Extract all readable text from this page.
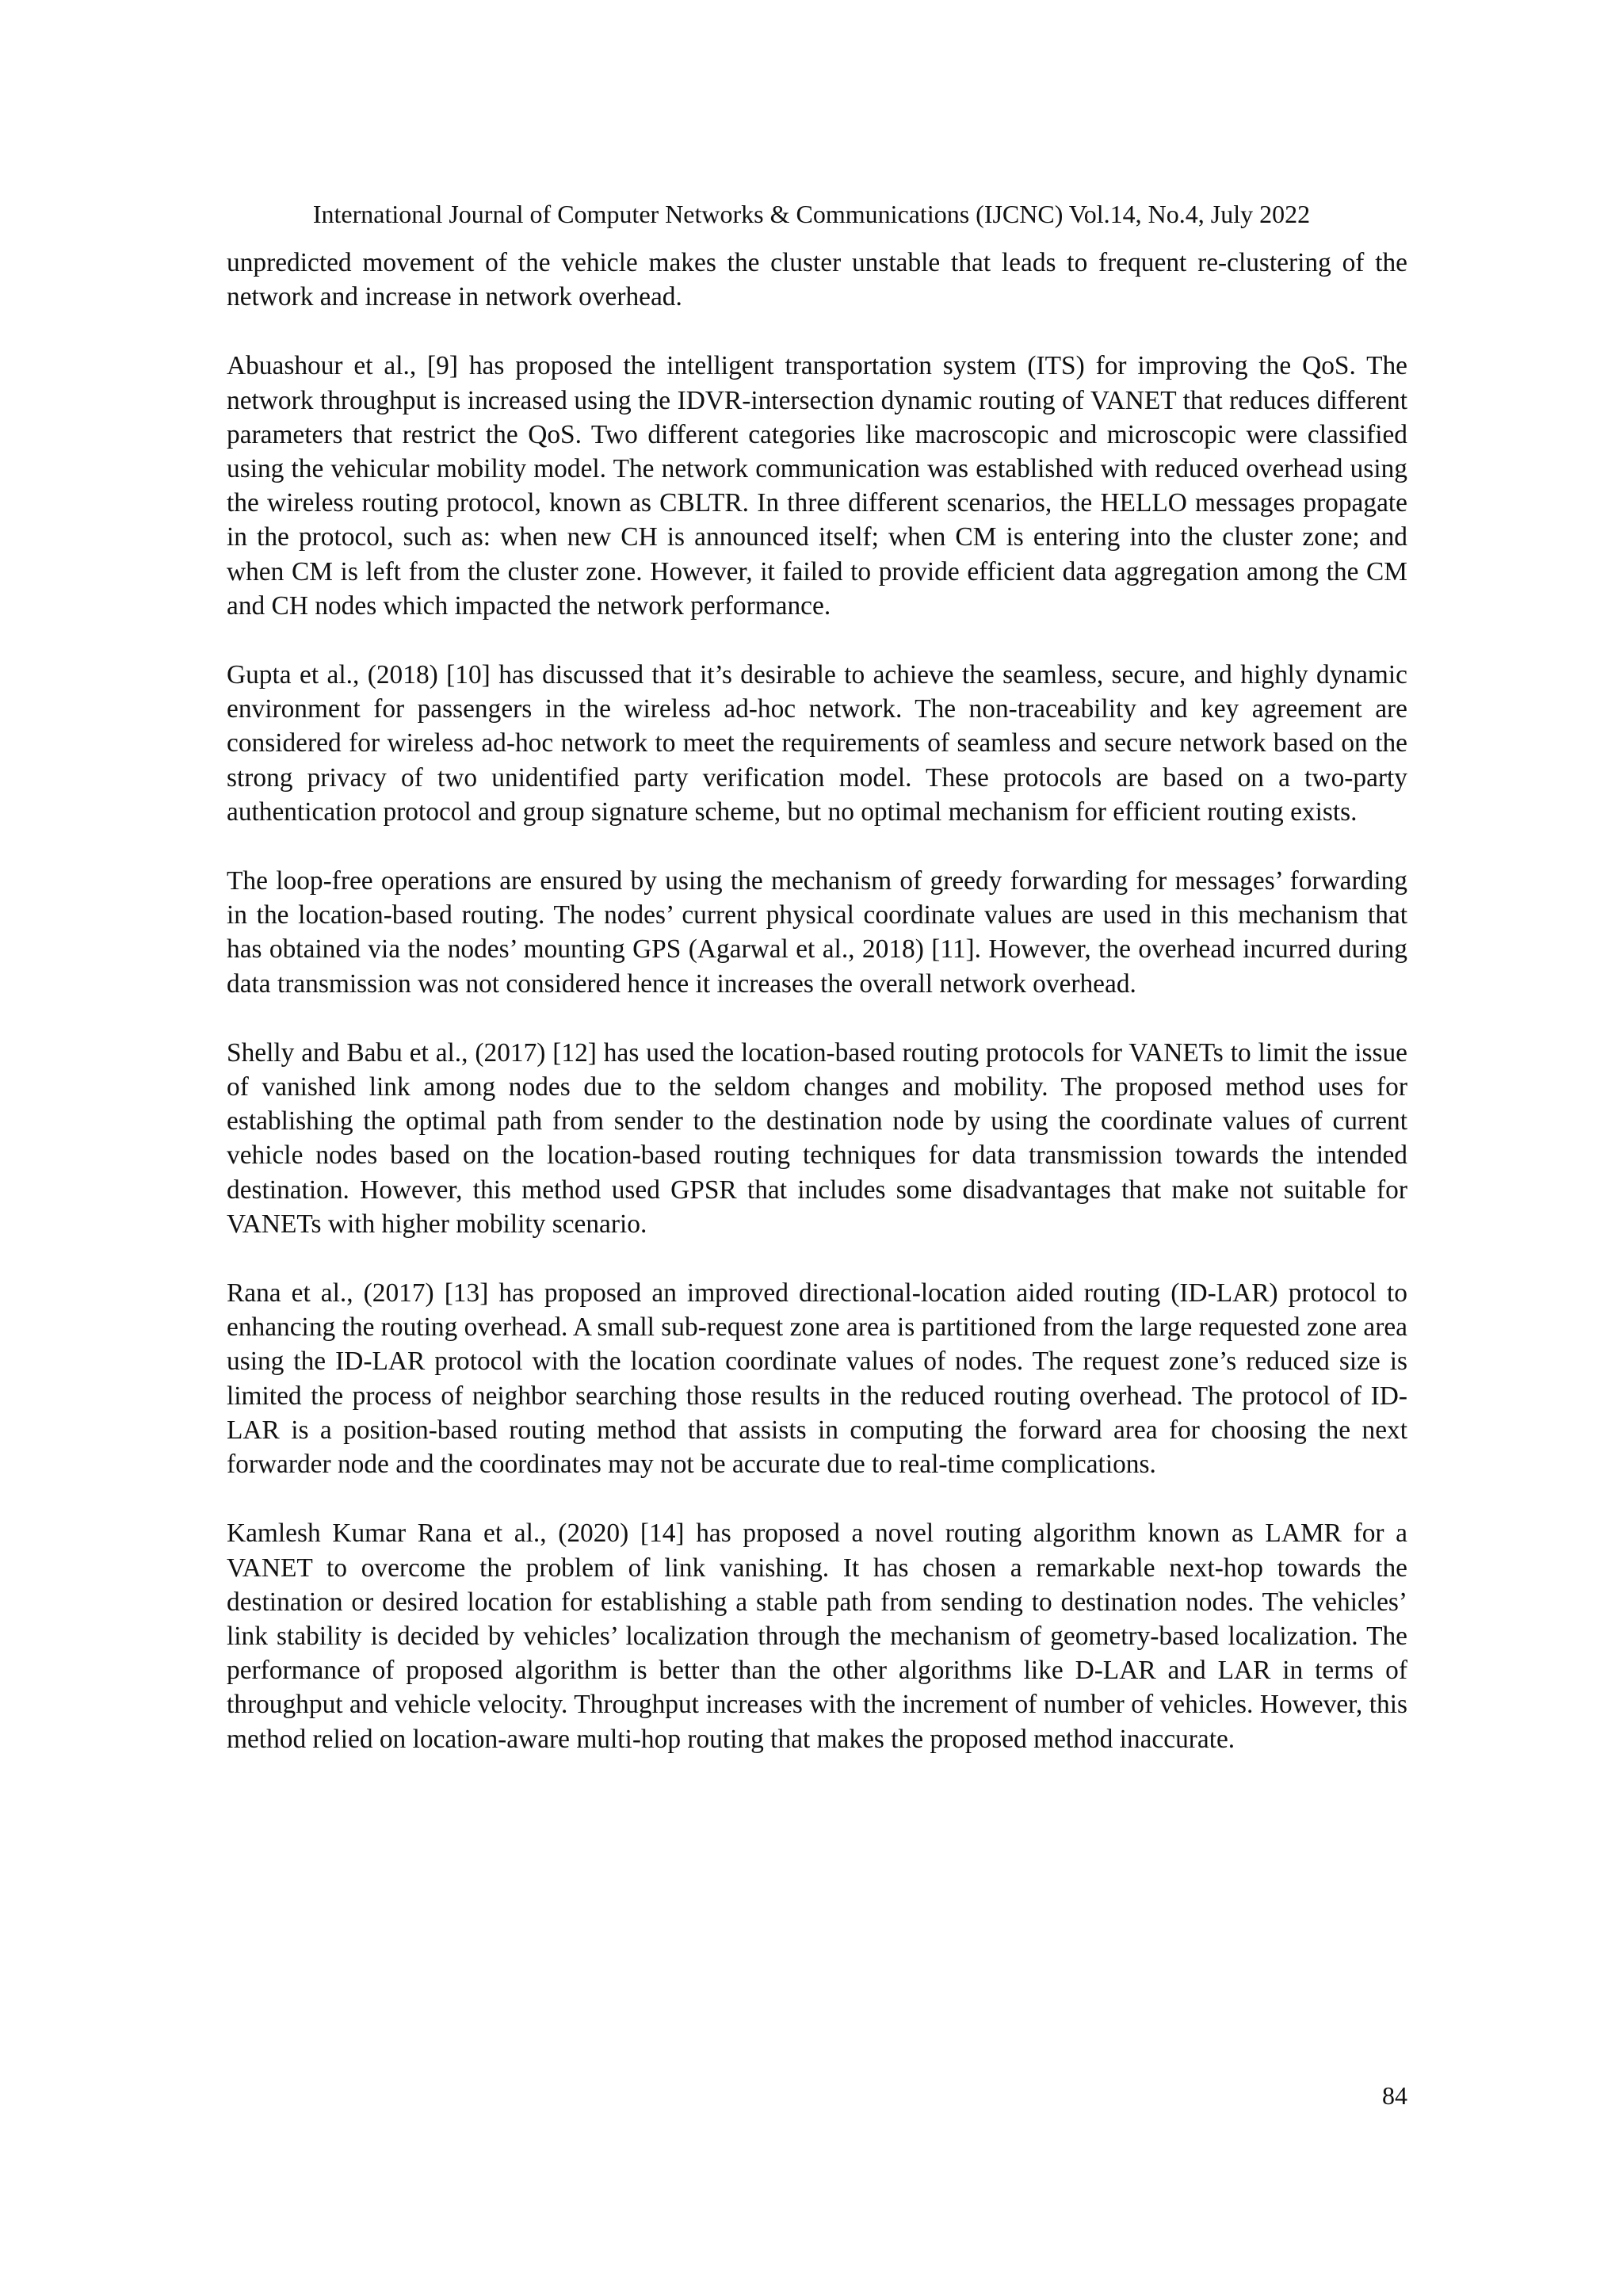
International Journal of Computer Networks & Communications (IJCNC) Vol.14, No.4, July 2022

unpredicted movement of the vehicle makes the cluster unstable that leads to frequent re-clustering of the network and increase in network overhead.

Abuashour et al., [9] has proposed the intelligent transportation system (ITS) for improving the QoS. The network throughput is increased using the IDVR-intersection dynamic routing of VANET that reduces different parameters that restrict the QoS. Two different categories like macroscopic and microscopic were classified using the vehicular mobility model. The network communication was established with reduced overhead using the wireless routing protocol, known as CBLTR. In three different scenarios, the HELLO messages propagate in the protocol, such as: when new CH is announced itself; when CM is entering into the cluster zone; and when CM is left from the cluster zone. However, it failed to provide efficient data aggregation among the CM and CH nodes which impacted the network performance.

Gupta et al., (2018) [10] has discussed that it’s desirable to achieve the seamless, secure, and highly dynamic environment for passengers in the wireless ad-hoc network. The non-traceability and key agreement are considered for wireless ad-hoc network to meet the requirements of seamless and secure network based on the strong privacy of two unidentified party verification model. These protocols are based on a two-party authentication protocol and group signature scheme, but no optimal mechanism for efficient routing exists.

The loop-free operations are ensured by using the mechanism of greedy forwarding for messages’ forwarding in the location-based routing. The nodes’ current physical coordinate values are used in this mechanism that has obtained via the nodes’ mounting GPS (Agarwal et al., 2018) [11]. However, the overhead incurred during data transmission was not considered hence it increases the overall network overhead.

Shelly and Babu et al., (2017) [12] has used the location-based routing protocols for VANETs to limit the issue of vanished link among nodes due to the seldom changes and mobility. The proposed method uses for establishing the optimal path from sender to the destination node by using the coordinate values of current vehicle nodes based on the location-based routing techniques for data transmission towards the intended destination. However, this method used GPSR that includes some disadvantages that make not suitable for VANETs with higher mobility scenario.

Rana et al., (2017) [13] has proposed an improved directional-location aided routing (ID-LAR) protocol to enhancing the routing overhead. A small sub-request zone area is partitioned from the large requested zone area using the ID-LAR protocol with the location coordinate values of nodes. The request zone’s reduced size is limited the process of neighbor searching those results in the reduced routing overhead. The protocol of ID-LAR is a position-based routing method that assists in computing the forward area for choosing the next forwarder node and the coordinates may not be accurate due to real-time complications.

Kamlesh Kumar Rana et al., (2020) [14] has proposed a novel routing algorithm known as LAMR for a VANET to overcome the problem of link vanishing. It has chosen a remarkable next-hop towards the destination or desired location for establishing a stable path from sending to destination nodes. The vehicles’ link stability is decided by vehicles’ localization through the mechanism of geometry-based localization. The performance of proposed algorithm is better than the other algorithms like D-LAR and LAR in terms of throughput and vehicle velocity. Throughput increases with the increment of number of vehicles. However, this method relied on location-aware multi-hop routing that makes the proposed method inaccurate.

84
